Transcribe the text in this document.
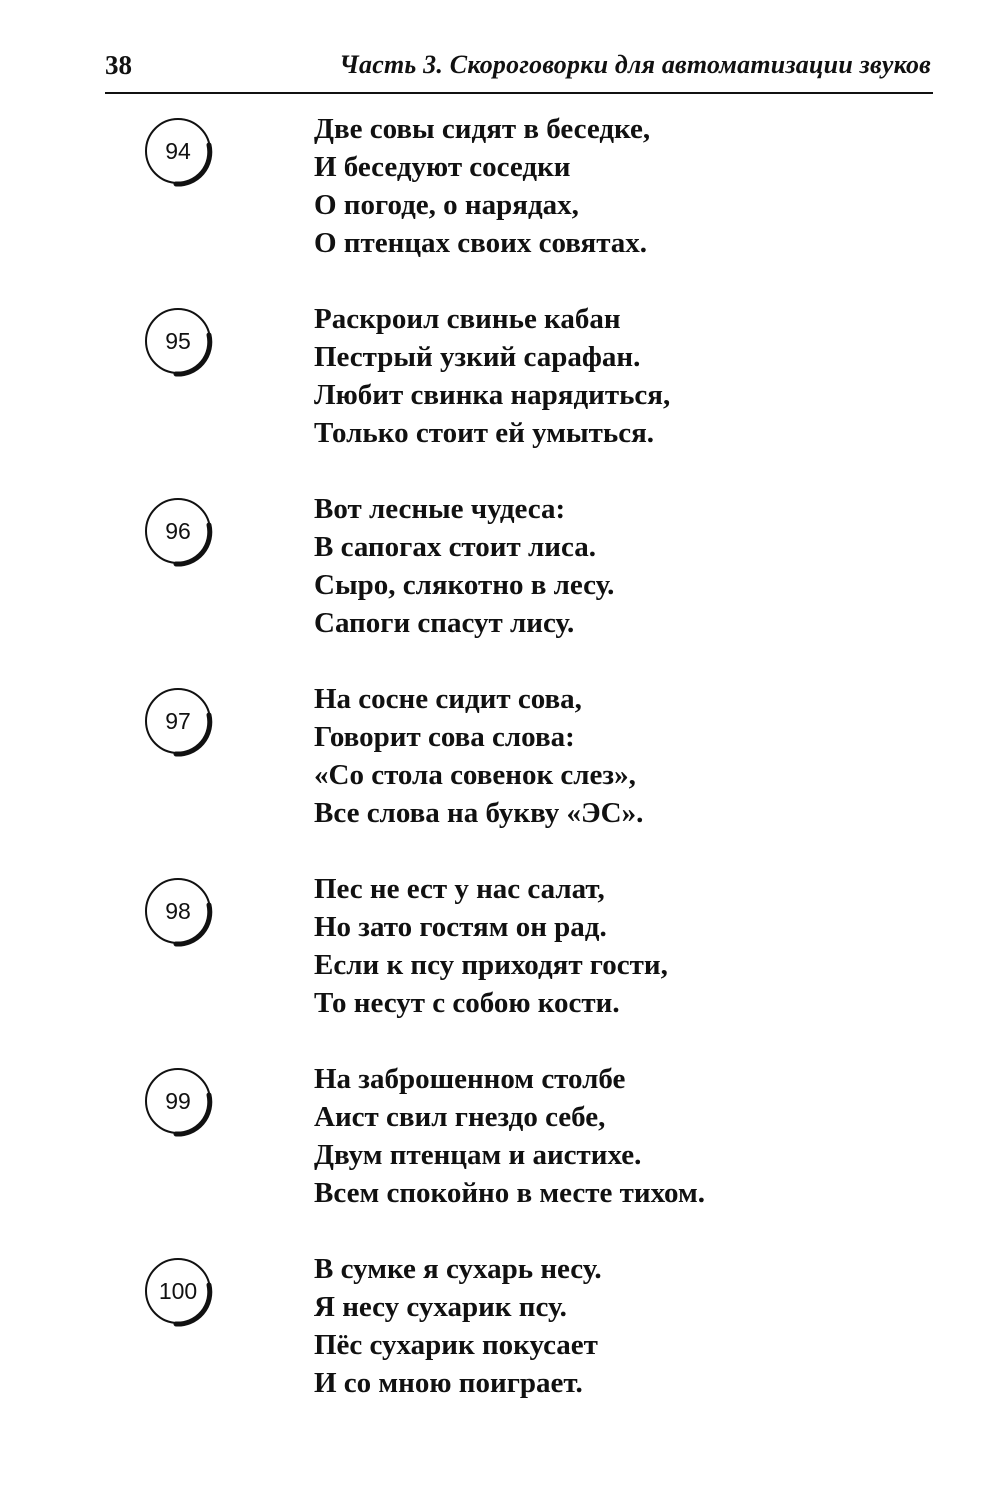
38	Часть 3. Скороговорки для автоматизации звуков
94
Две совы сидят в беседке,
И беседуют соседки
О погоде, о нарядах,
О птенцах своих совятах.
95
Раскроил свинье кабан
Пестрый узкий сарафан.
Любит свинка нарядиться,
Только стоит ей умыться.
96
Вот лесные чудеса:
В сапогах стоит лиса.
Сыро, слякотно в лесу.
Сапоги спасут лису.
97
На сосне сидит сова,
Говорит сова слова:
«Со стола совенок слез»,
Все слова на букву «ЭС».
98
Пес не ест у нас салат,
Но зато гостям он рад.
Если к псу приходят гости,
То несут с собою кости.
99
На заброшенном столбе
Аист свил гнездо себе,
Двум птенцам и аистихе.
Всем спокойно в месте тихом.
100
В сумке я сухарь несу.
Я несу сухарик псу.
Пёс сухарик покусает
И со мною поиграет.
